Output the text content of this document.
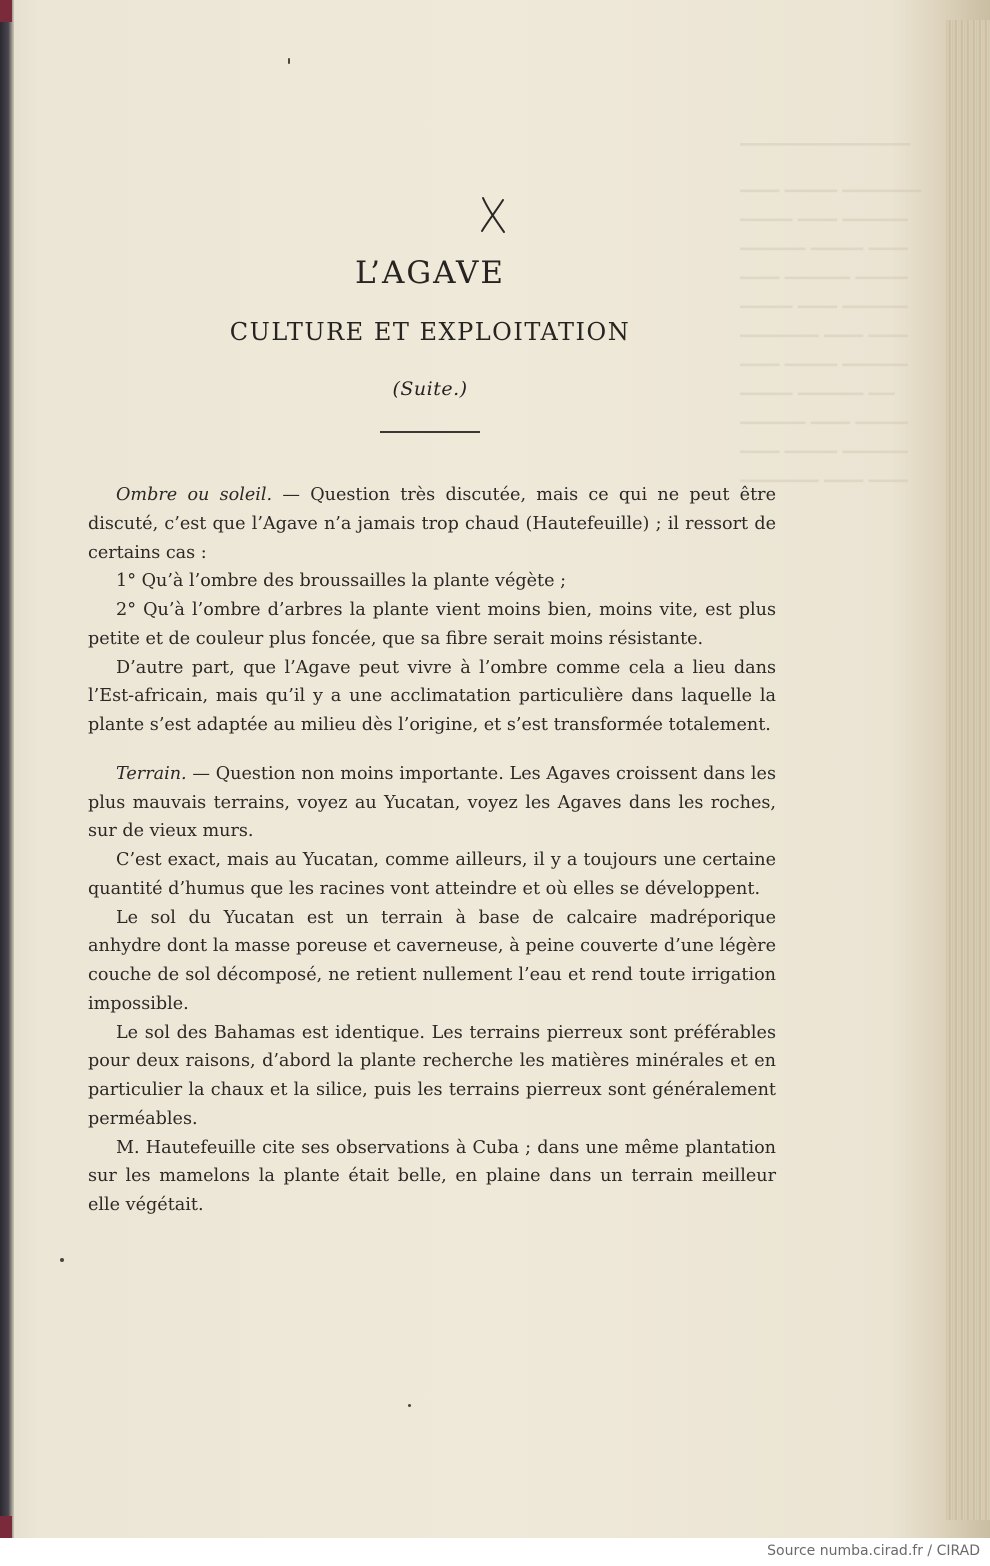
▔▔▔▔▔▔▔▔▔▔▔▔▔
▁▁▁ ▁▁▁▁ ▁▁▁▁▁▁
▁▁▁▁ ▁▁▁ ▁▁▁▁▁
▁▁▁▁▁ ▁▁▁▁ ▁▁▁
▁▁▁ ▁▁▁▁▁ ▁▁▁▁
▁▁▁▁ ▁▁▁ ▁▁▁▁▁
▁▁▁▁▁▁ ▁▁▁ ▁▁▁
▁▁▁ ▁▁▁▁ ▁▁▁▁▁
▁▁▁▁ ▁▁▁▁▁ ▁▁
▁▁▁▁▁ ▁▁▁ ▁▁▁▁
▁▁▁ ▁▁▁▁ ▁▁▁▁▁
▁▁▁▁▁▁ ▁▁▁ ▁▁▁
L’AGAVE
CULTURE ET EXPLOITATION
(Suite.)

Ombre ou soleil. — Question très discutée, mais ce qui ne peut être discuté, c’est que l’Agave n’a jamais trop chaud (Hautefeuille) ; il ressort de certains cas :

1° Qu’à l’ombre des broussailles la plante végète ;

2° Qu’à l’ombre d’arbres la plante vient moins bien, moins vite, est plus petite et de couleur plus foncée, que sa fibre serait moins résistante.

D’autre part, que l’Agave peut vivre à l’ombre comme cela a lieu dans l’Est-africain, mais qu’il y a une acclimatation particulière dans laquelle la plante s’est adaptée au milieu dès l’origine, et s’est transformée totalement.

Terrain. — Question non moins importante. Les Agaves croissent dans les plus mauvais terrains, voyez au Yucatan, voyez les Agaves dans les roches, sur de vieux murs.

C’est exact, mais au Yucatan, comme ailleurs, il y a toujours une certaine quantité d’humus que les racines vont atteindre et où elles se développent.

Le sol du Yucatan est un terrain à base de calcaire madréporique anhydre dont la masse poreuse et caverneuse, à peine couverte d’une légère couche de sol décomposé, ne retient nullement l’eau et rend toute irrigation impossible.

Le sol des Bahamas est identique. Les terrains pierreux sont préférables pour deux raisons, d’abord la plante recherche les matières minérales et en particulier la chaux et la silice, puis les terrains pierreux sont généralement perméables.

M. Hautefeuille cite ses observations à Cuba ; dans une même plantation sur les mamelons la plante était belle, en plaine dans un terrain meilleur elle végétait.

Source numba.cirad.fr / CIRAD
